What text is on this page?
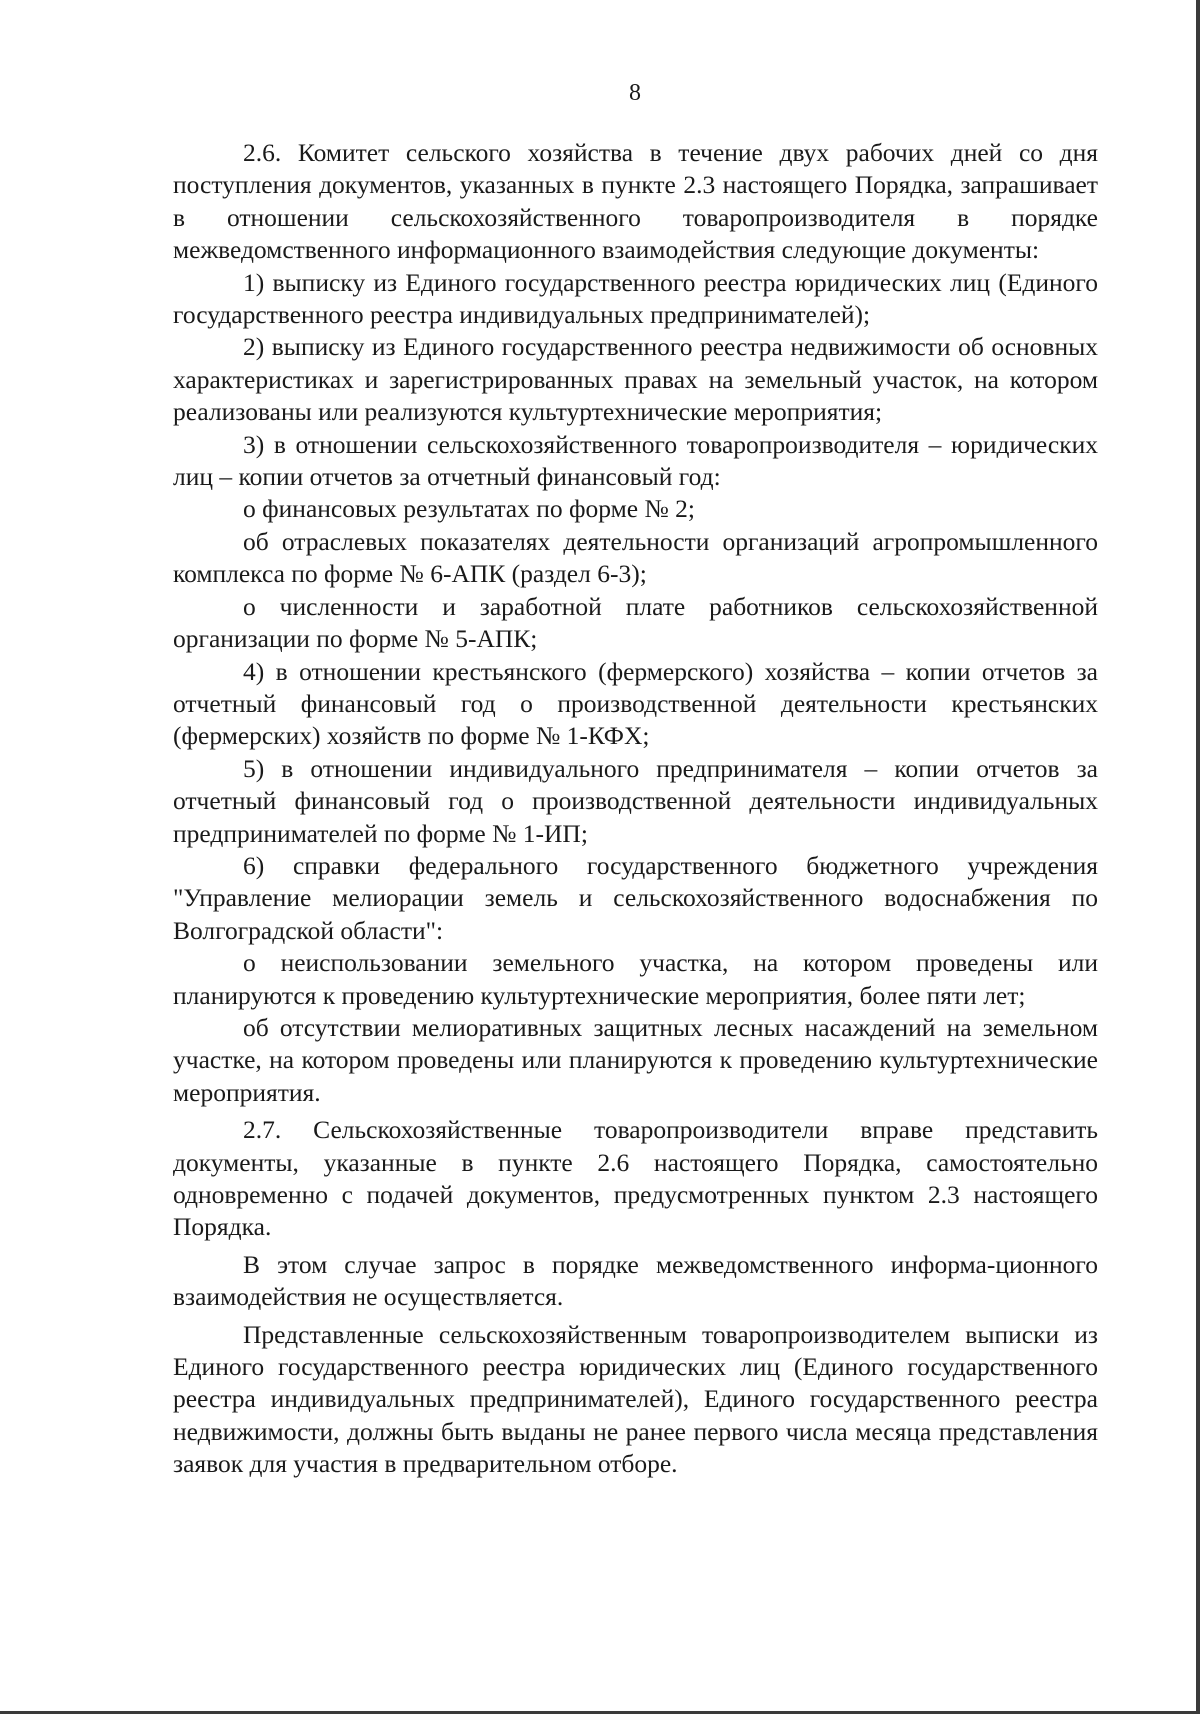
8

2.6. Комитет сельского хозяйства в течение двух рабочих дней со дня поступления документов, указанных в пункте 2.3 настоящего Порядка, запрашивает в отношении сельскохозяйственного товаропроизводителя в порядке межведомственного информационного взаимодействия следующие документы:

1) выписку из Единого государственного реестра юридических лиц (Единого государственного реестра индивидуальных предпринимателей);

2) выписку из Единого государственного реестра недвижимости об основных характеристиках и зарегистрированных правах на земельный участок, на котором реализованы или реализуются культуртехнические мероприятия;

3) в отношении сельскохозяйственного товаропроизводителя – юридических лиц – копии отчетов за отчетный финансовый год:

о финансовых результатах по форме № 2;

об отраслевых показателях деятельности организаций агропромышленного комплекса по форме № 6-АПК (раздел 6-3);

о численности и заработной плате работников сельскохозяйственной организации по форме № 5-АПК;

4) в отношении крестьянского (фермерского) хозяйства – копии отчетов за отчетный финансовый год о производственной деятельности крестьянских (фермерских) хозяйств по форме № 1-КФХ;

5) в отношении индивидуального предпринимателя – копии отчетов за отчетный финансовый год о производственной деятельности индивидуальных предпринимателей по форме № 1-ИП;

6) справки федерального государственного бюджетного учреждения "Управление мелиорации земель и сельскохозяйственного водоснабжения по Волгоградской области":

о неиспользовании земельного участка, на котором проведены или планируются к проведению культуртехнические мероприятия, более пяти лет;

об отсутствии мелиоративных защитных лесных насаждений на земельном участке, на котором проведены или планируются к проведению культуртехнические мероприятия.

2.7. Сельскохозяйственные товаропроизводители вправе представить документы, указанные в пункте 2.6 настоящего Порядка, самостоятельно одновременно с подачей документов, предусмотренных пунктом 2.3 настоящего Порядка.

В этом случае запрос в порядке межведомственного информа-ционного взаимодействия не осуществляется.

Представленные сельскохозяйственным товаропроизводителем выписки из Единого государственного реестра юридических лиц (Единого государственного реестра индивидуальных предпринимателей), Единого государственного реестра недвижимости, должны быть выданы не ранее первого числа месяца представления заявок для участия в предварительном отборе.
